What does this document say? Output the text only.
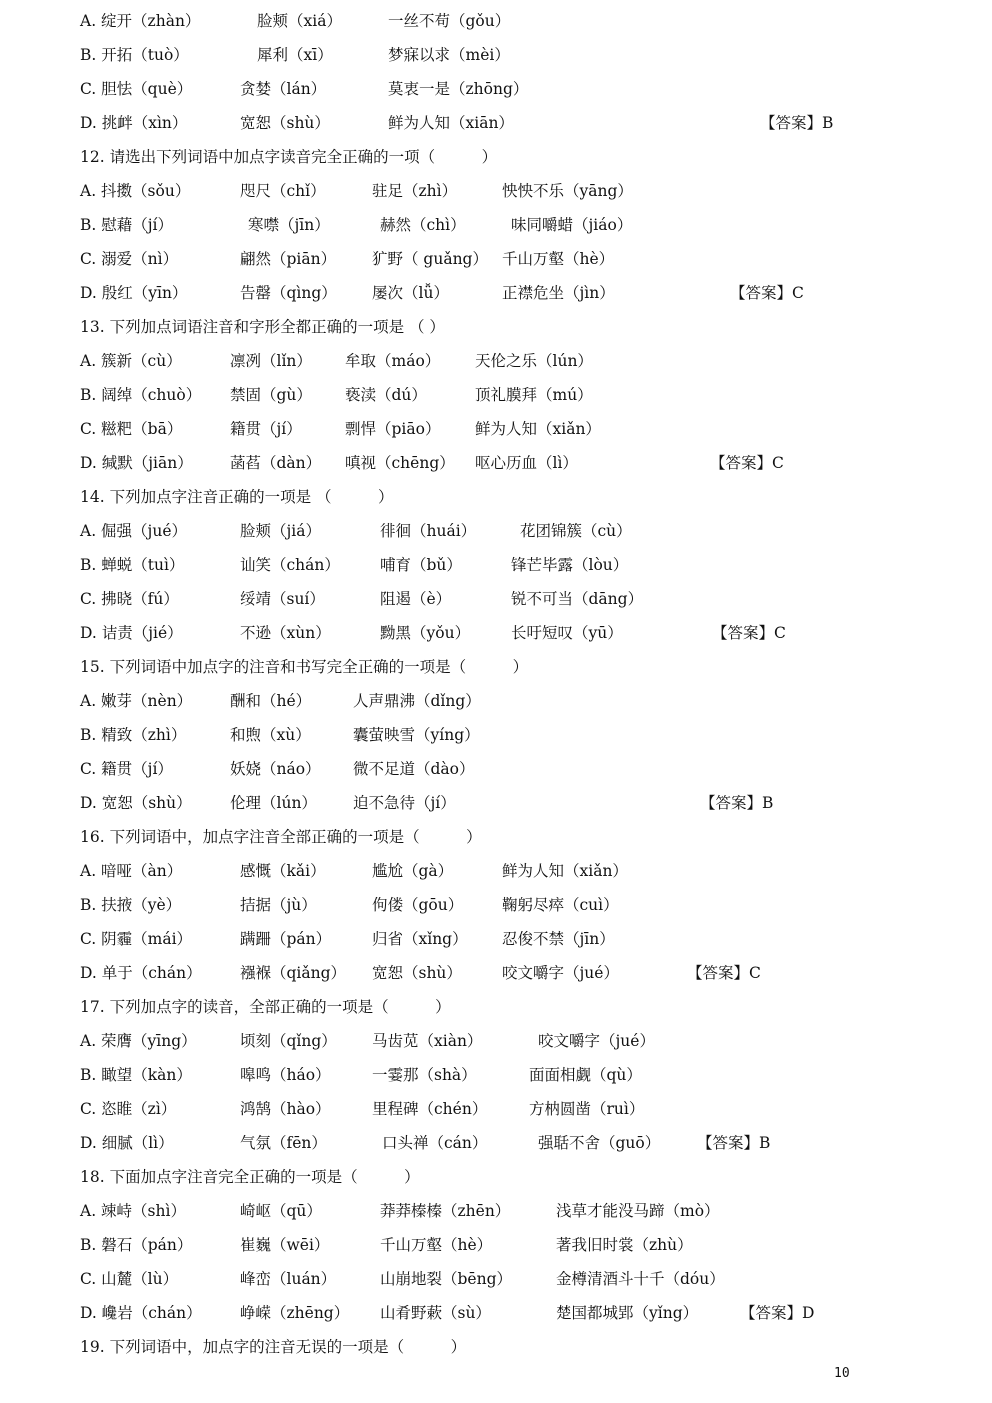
A. 绽开（zhàn）	脸颊（xiá）	一丝不苟（gǒu）
B. 开拓（tuò）	犀利（xī）	梦寐以求（mèi）
C. 胆怯（què）	贪婪（lán）	莫衷一是（zhōng）
D. 挑衅（xìn）	宽恕（shù）	鲜为人知（xiān）	【答案】B
12. 请选出下列词语中加点字读音完全正确的一项（　　　）
A. 抖擞（sǒu）	咫尺（chǐ）	驻足（zhì）	怏怏不乐（yāng）
B. 慰藉（jí）	寒噤（jīn）	赫然（chì）	味同嚼蜡（jiáo）
C. 溺爱（nì）	翩然（piān） 犷野（ guǎng） 千山万壑（hè）
D. 殷红（yīn）	告罄（qìng） 屡次（lǚ）	正襟危坐（jìn）	【答案】C
13. 下列加点词语注音和字形全都正确的一项是 （ ）
A. 簇新（cù）	凛冽（lǐn） 牟取（máo） 天伦之乐（lún）
B. 阔绰（chuò） 禁固（gù） 亵渎（dú）	顶礼膜拜（mú）
C. 糍粑（bā）	籍贯（jí）	剽悍（piāo） 鲜为人知（xiǎn）
D. 缄默（jiān） 菡萏（dàn） 嗔视（chēng） 呕心历血（lì）	【答案】C
14. 下列加点字注音正确的一项是 （　　　）
A. 倔强（jué）	脸颊（jiá）	徘徊（huái）	花团锦簇（cù）
B. 蝉蜕（tuì）	讪笑（chán）	哺育（bǔ）	锋芒毕露（lòu）
C. 拂晓（fú）	绥靖（suí）	阻遏（è）	锐不可当（dāng）
D. 诘责（jié）	不逊（xùn）	黝黑（yǒu）	长吁短叹（yū）	【答案】C
15. 下列词语中加点字的注音和书写完全正确的一项是（　　　）
A. 嫩芽（nèn） 酬和（hé）	人声鼎沸（dǐng）
B. 精致（zhì）	和煦（xù）	囊萤映雪（yíng）
C. 籍贯（jí）	妖娆（náo） 微不足道（dào）
D. 宽恕（shù） 伦理（lún） 迫不急待（jí）	【答案】B
16. 下列词语中，加点字注音全部正确的一项是（　　　）
A. 喑哑（àn）	感慨（kǎi）	尴尬（gà）	鲜为人知（xiǎn）
B. 扶掖（yè）	拮据（jù）	佝偻（gōu）	鞠躬尽瘁（cuì）
C. 阴霾（mái）	蹒跚（pán）	归省（xǐng） 忍俊不禁（jīn）
D. 单于（chán） 襁褓（qiǎng） 宽恕（shù）	咬文嚼字（jué）	【答案】C
17. 下列加点字的读音，全部正确的一项是（　　　）
A. 荣膺（yīng）	顷刻（qǐng） 马齿苋（xiàn）	咬文嚼字（jué）
B. 瞰望（kàn）	嗥鸣（háo）	一霎那（shà）	面面相觑（qù）
C. 恣睢（zì）	鸿鹄（hào）	里程碑（chén）	方枘圆凿（ruì）
D. 细腻（lì）	气氛（fēn）	口头禅（cán）	强聒不舍（guō） 【答案】B
18. 下面加点字注音完全正确的一项是（　　　）
A. 竦峙（shì）	崎岖（qū）	莽莽榛榛（zhēn）	浅草才能没马蹄（mò）
B. 磐石（pán）	崔巍（wēi）	千山万壑（hè）	著我旧时裳（zhù）
C. 山麓（lù）	峰峦（luán）	山崩地裂（bēng）	金樽清酒斗十千（dóu）
D. 巉岩（chán） 峥嵘（zhēng） 山肴野蔌（sù）	楚国都城郢（yǐng）	【答案】D
19. 下列词语中，加点字的注音无误的一项是（　　　）
10
